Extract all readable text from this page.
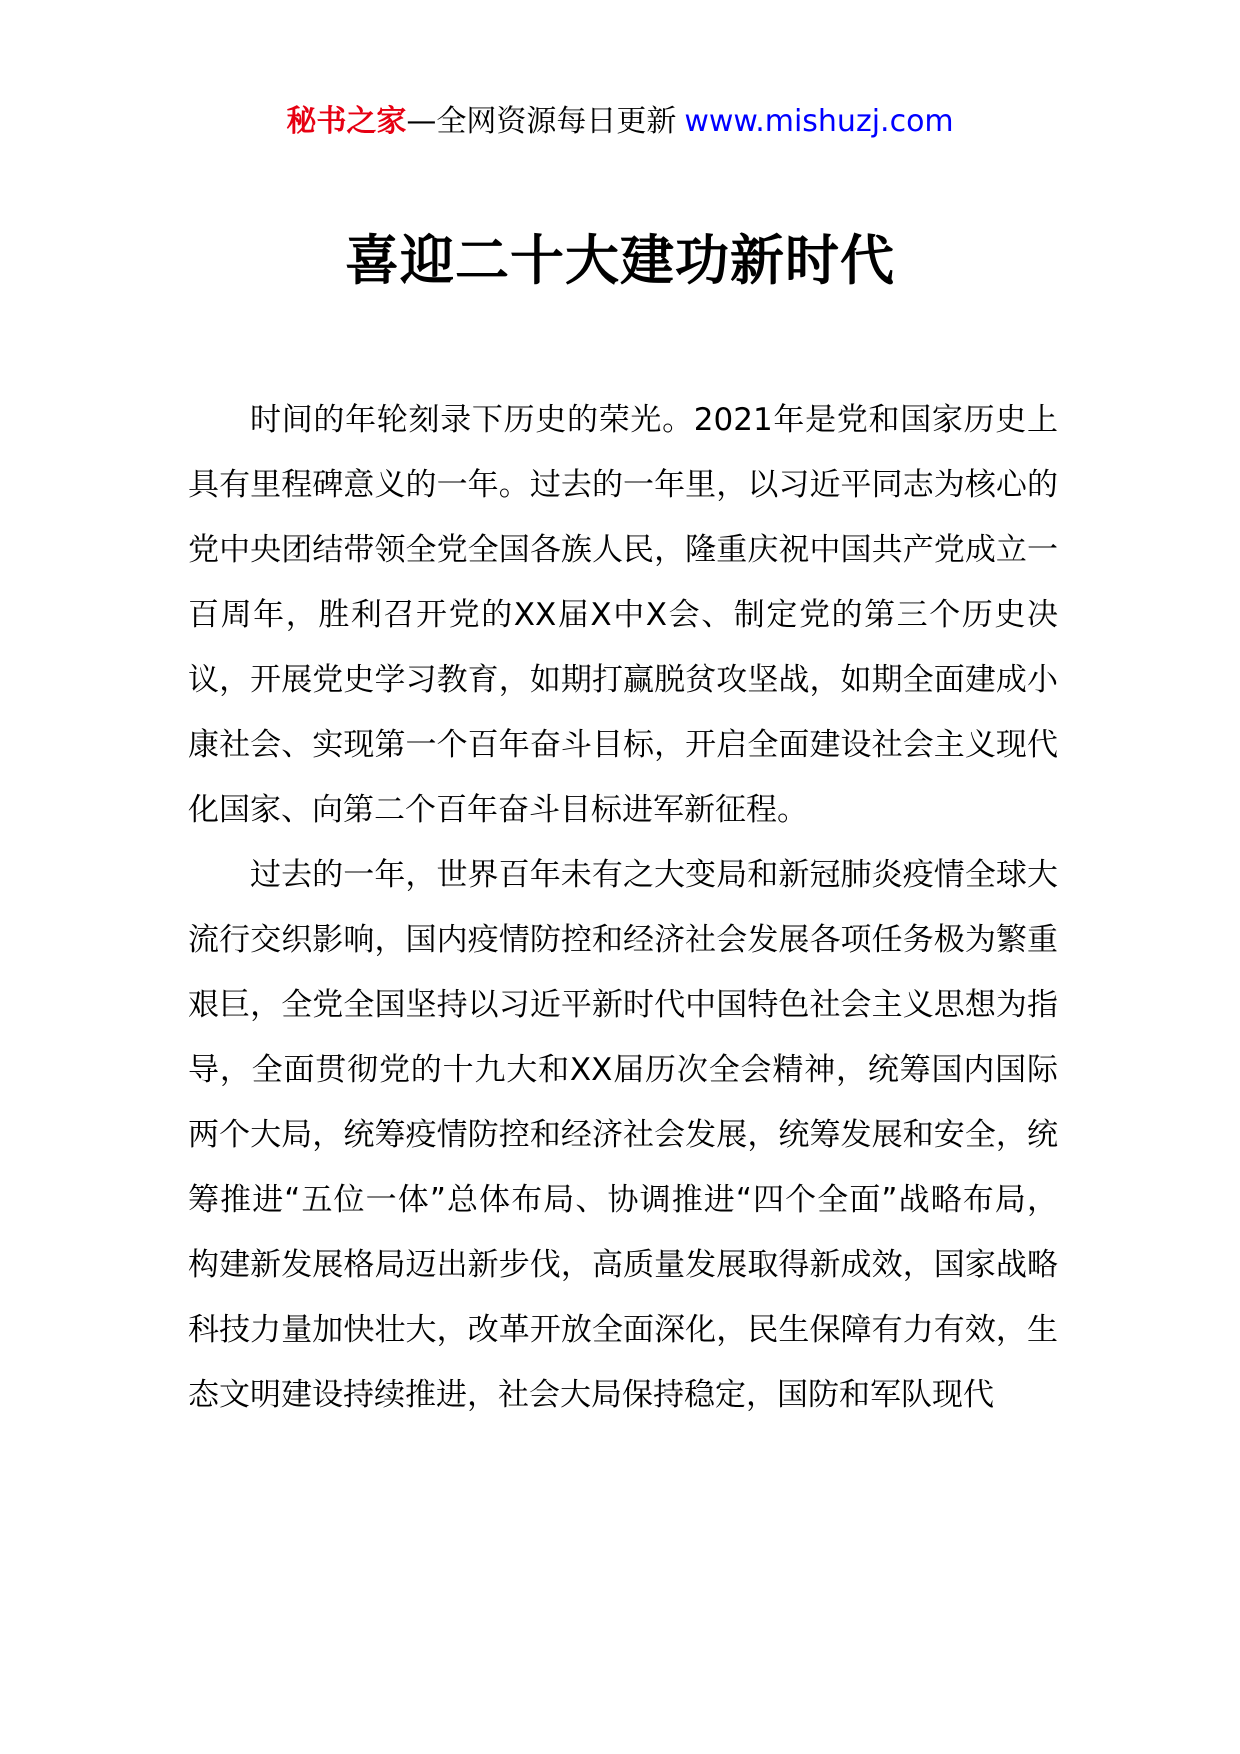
秘书之家—全网资源每日更新 www.mishuzj.com
喜迎二十大建功新时代

时间的年轮刻录下历史的荣光。2021年是党和国家历史上具有里程碑意义的一年。过去的一年里，以习近平同志为核心的党中央团结带领全党全国各族人民，隆重庆祝中国共产党成立一百周年，胜利召开党的XX届X中X会、制定党的第三个历史决议，开展党史学习教育，如期打赢脱贫攻坚战，如期全面建成小康社会、实现第一个百年奋斗目标，开启全面建设社会主义现代化国家、向第二个百年奋斗目标进军新征程。

过去的一年，世界百年未有之大变局和新冠肺炎疫情全球大流行交织影响，国内疫情防控和经济社会发展各项任务极为繁重艰巨，全党全国坚持以习近平新时代中国特色社会主义思想为指导，全面贯彻党的十九大和XX届历次全会精神，统筹国内国际两个大局，统筹疫情防控和经济社会发展，统筹发展和安全，统筹推进“五位一体”总体布局、协调推进“四个全面”战略布局，构建新发展格局迈出新步伐，高质量发展取得新成效，国家战略科技力量加快壮大，改革开放全面深化，民生保障有力有效，生态文明建设持续推进，社会大局保持稳定，国防和军队现代
